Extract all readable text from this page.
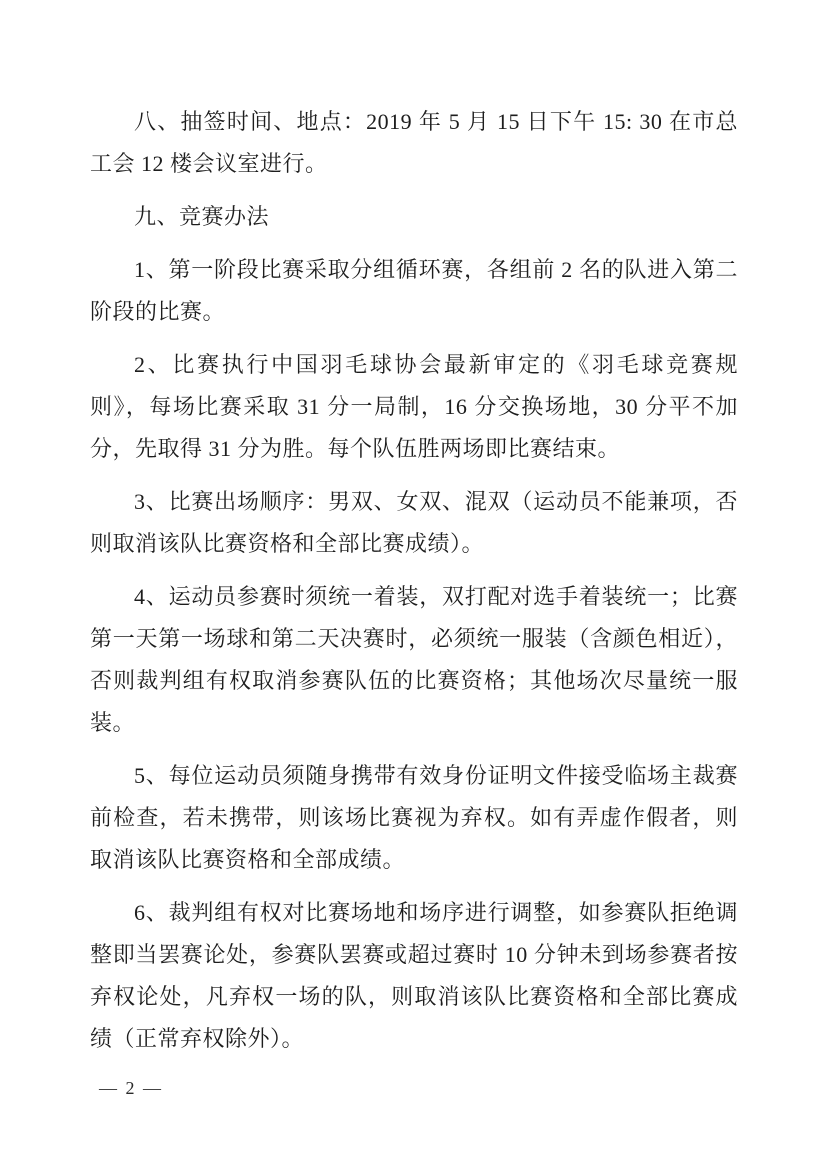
八、抽签时间、地点：2019 年 5 月 15 日下午 15: 30 在市总工会 12 楼会议室进行。

九、竞赛办法

1、第一阶段比赛采取分组循环赛，各组前 2 名的队进入第二阶段的比赛。

2、比赛执行中国羽毛球协会最新审定的《羽毛球竞赛规则》，每场比赛采取 31 分一局制，16 分交换场地，30 分平不加分，先取得 31 分为胜。每个队伍胜两场即比赛结束。

3、比赛出场顺序：男双、女双、混双（运动员不能兼项，否则取消该队比赛资格和全部比赛成绩）。

4、运动员参赛时须统一着装，双打配对选手着装统一；比赛第一天第一场球和第二天决赛时，必须统一服装（含颜色相近），否则裁判组有权取消参赛队伍的比赛资格；其他场次尽量统一服装。

5、每位运动员须随身携带有效身份证明文件接受临场主裁赛前检查，若未携带，则该场比赛视为弃权。如有弄虚作假者，则取消该队比赛资格和全部成绩。

6、裁判组有权对比赛场地和场序进行调整，如参赛队拒绝调整即当罢赛论处，参赛队罢赛或超过赛时 10 分钟未到场参赛者按弃权论处，凡弃权一场的队，则取消该队比赛资格和全部比赛成绩（正常弃权除外）。

— 2 —
